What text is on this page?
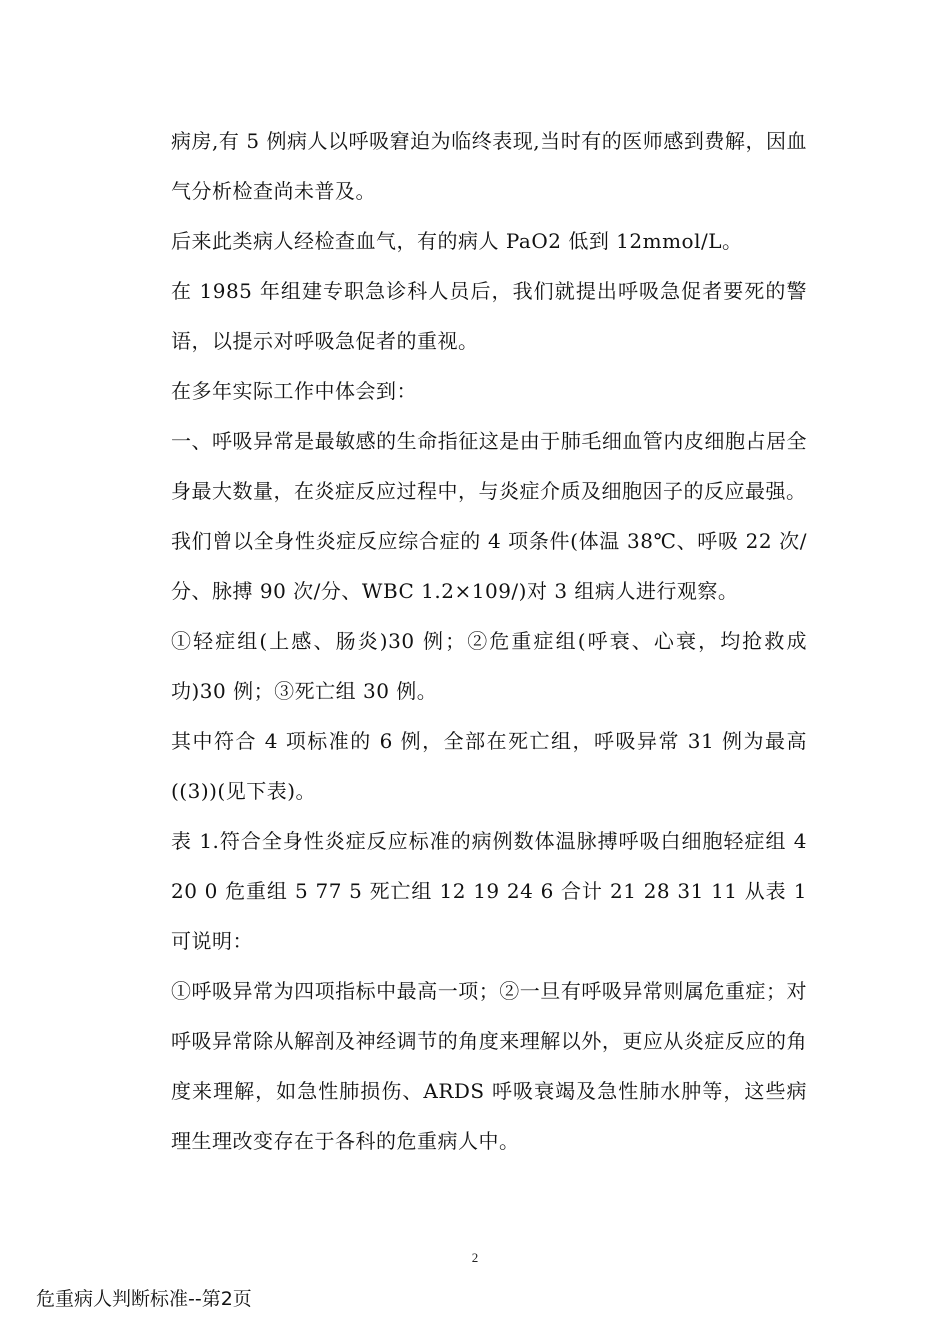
病房,有 5 例病人以呼吸窘迫为临终表现,当时有的医师感到费解，因血气分析检查尚未普及。

后来此类病人经检查血气，有的病人 PaO2 低到 12mmol/L。

在 1985 年组建专职急诊科人员后，我们就提出呼吸急促者要死的警语，以提示对呼吸急促者的重视。

在多年实际工作中体会到：

一、呼吸异常是最敏感的生命指征这是由于肺毛细血管内皮细胞占居全身最大数量，在炎症反应过程中，与炎症介质及细胞因子的反应最强。

我们曾以全身性炎症反应综合症的 4 项条件(体温 38℃、呼吸 22 次/分、脉搏 90 次/分、WBC 1.2×109/)对 3 组病人进行观察。

①轻症组(上感、肠炎)30 例；②危重症组(呼衰、心衰，均抢救成功)30 例；③死亡组 30 例。

其中符合 4 项标准的 6 例，全部在死亡组，呼吸异常 31 例为最高((3))(见下表)。

表 1.符合全身性炎症反应标准的病例数体温脉搏呼吸白细胞轻症组 4 20 0 危重组 5 77 5 死亡组 12 19 24 6 合计 21 28 31 11 从表 1 可说明：

①呼吸异常为四项指标中最高一项；②一旦有呼吸异常则属危重症；对呼吸异常除从解剖及神经调节的角度来理解以外，更应从炎症反应的角度来理解，如急性肺损伤、ARDS 呼吸衰竭及急性肺水肿等，这些病理生理改变存在于各科的危重病人中。

2
危重病人判断标准--第2页
